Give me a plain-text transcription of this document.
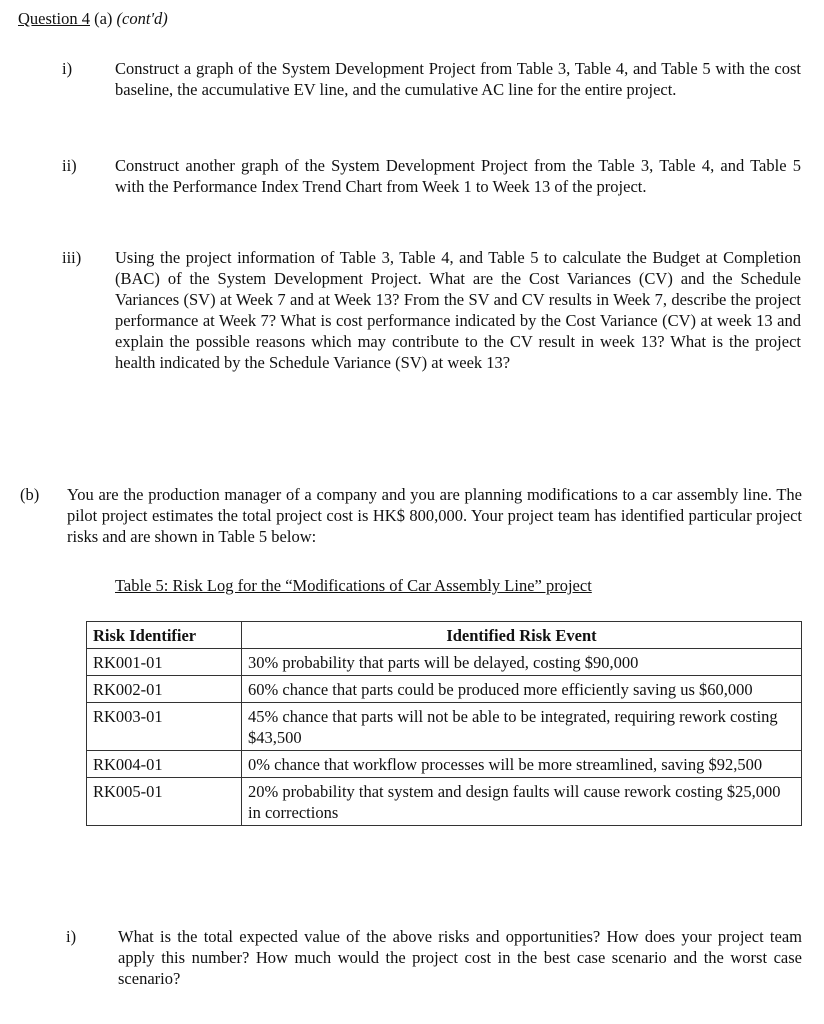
Question 4 (a) (cont'd)
i)	Construct a graph of the System Development Project from Table 3, Table 4, and Table 5 with the cost baseline, the accumulative EV line, and the cumulative AC line for the entire project.
ii) Construct another graph of the System Development Project from the Table 3, Table 4, and Table 5 with the Performance Index Trend Chart from Week 1 to Week 13 of the project.
iii) Using the project information of Table 3, Table 4, and Table 5 to calculate the Budget at Completion (BAC) of the System Development Project. What are the Cost Variances (CV) and the Schedule Variances (SV) at Week 7 and at Week 13? From the SV and CV results in Week 7, describe the project performance at Week 7? What is cost performance indicated by the Cost Variance (CV) at week 13 and explain the possible reasons which may contribute to the CV result in week 13? What is the project health indicated by the Schedule Variance (SV) at week 13?
(b) You are the production manager of a company and you are planning modifications to a car assembly line. The pilot project estimates the total project cost is HK$ 800,000. Your project team has identified particular project risks and are shown in Table 5 below:
Table 5: Risk Log for the “Modifications of Car Assembly Line” project
Risk Identifier	Identified Risk Event
RK001-01	30% probability that parts will be delayed, costing $90,000
RK002-01	60% chance that parts could be produced more efficiently saving us $60,000
RK003-01	45% chance that parts will not be able to be integrated, requiring rework costing $43,500
RK004-01	0% chance that workflow processes will be more streamlined, saving $92,500
RK005-01	20% probability that system and design faults will cause rework costing $25,000 in corrections
i)	What is the total expected value of the above risks and opportunities? How does your project team apply this number? How much would the project cost in the best case scenario and the worst case scenario?
